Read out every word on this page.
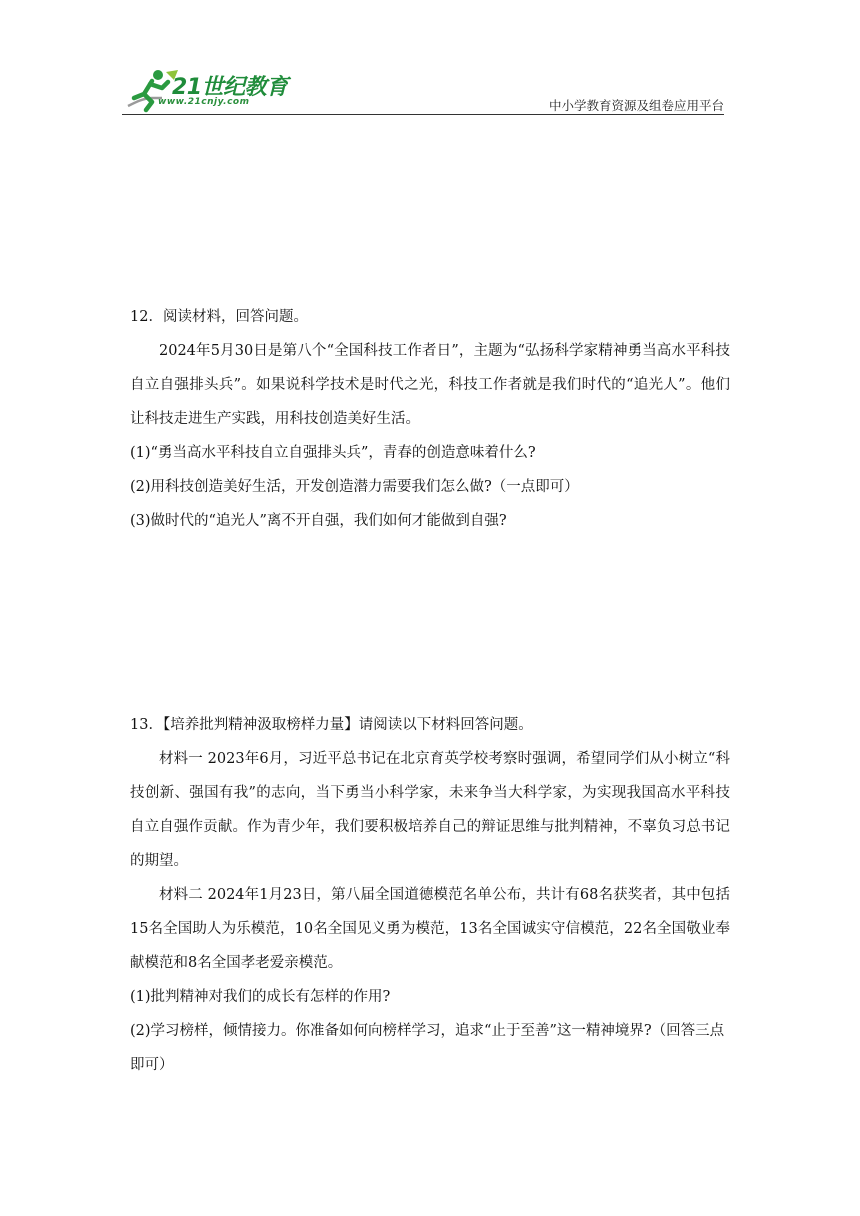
21世纪教育
www.21cnjy.com	中小学教育资源及组卷应用平台

12．阅读材料，回答问题。

2024年5月30日是第八个“全国科技工作者日”，主题为“弘扬科学家精神勇当高水平科技自立自强排头兵”。如果说科学技术是时代之光，科技工作者就是我们时代的“追光人”。他们让科技走进生产实践，用科技创造美好生活。

(1)“勇当高水平科技自立自强排头兵”，青春的创造意味着什么?

(2)用科技创造美好生活，开发创造潜力需要我们怎么做?（一点即可）

(3)做时代的“追光人”离不开自强，我们如何才能做到自强?

13．【培养批判精神汲取榜样力量】请阅读以下材料回答问题。

材料一 2023年6月，习近平总书记在北京育英学校考察时强调，希望同学们从小树立“科技创新、强国有我”的志向，当下勇当小科学家，未来争当大科学家，为实现我国高水平科技自立自强作贡献。作为青少年，我们要积极培养自己的辩证思维与批判精神，不辜负习总书记的期望。

材料二 2024年1月23日，第八届全国道德模范名单公布，共计有68名获奖者，其中包括15名全国助人为乐模范，10名全国见义勇为模范，13名全国诚实守信模范，22名全国敬业奉献模范和8名全国孝老爱亲模范。

(1)批判精神对我们的成长有怎样的作用?

(2)学习榜样，倾情接力。你准备如何向榜样学习，追求“止于至善”这一精神境界?（回答三点即可）
